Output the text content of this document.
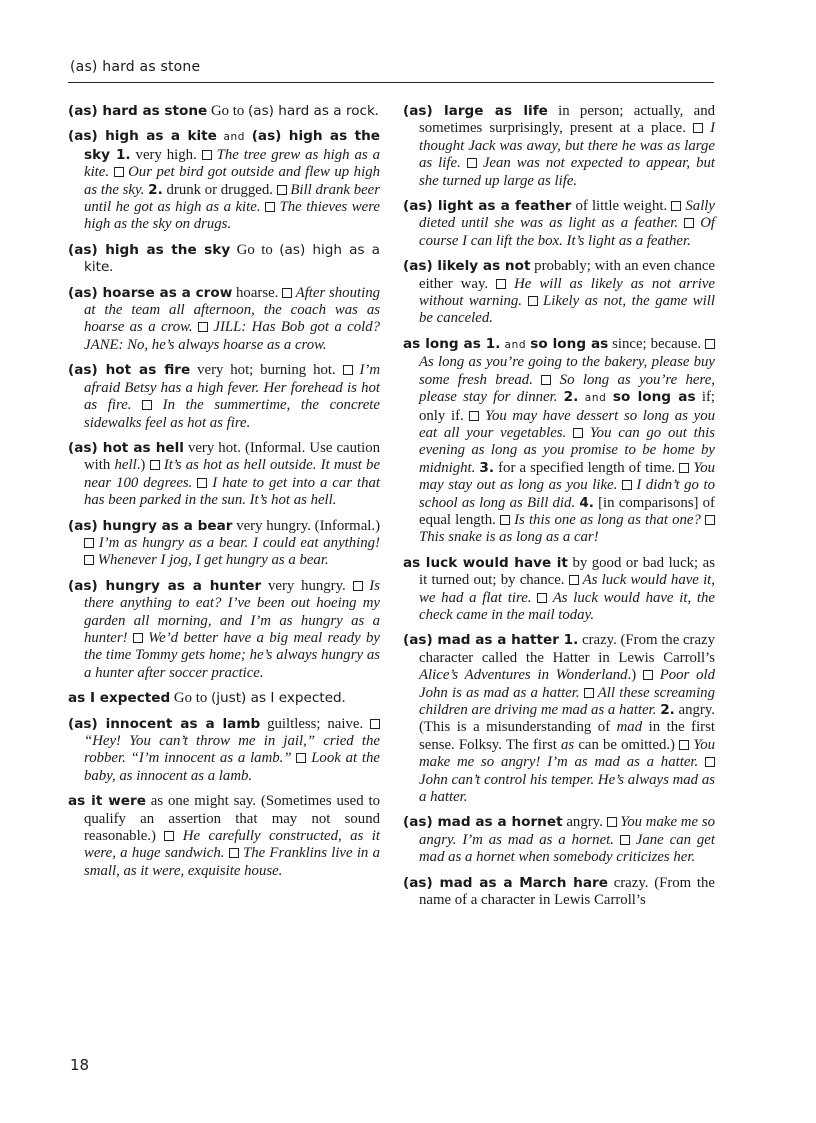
(as) hard as stone

(as) hard as stone Go to (as) hard as a rock.

(as) high as a kite and (as) high as the sky 1. very high.  The tree grew as high as a kite.  Our pet bird got outside and flew up high as the sky. 2. drunk or drugged.  Bill drank beer until he got as high as a kite.  The thieves were high as the sky on drugs.

(as) high as the sky Go to (as) high as a kite.

(as) hoarse as a crow hoarse.  After shouting at the team all afternoon, the coach was as hoarse as a crow.  JILL: Has Bob got a cold? JANE: No, he’s always hoarse as a crow.

(as) hot as fire very hot; burning hot.  I’m afraid Betsy has a high fever. Her forehead is hot as fire.  In the summertime, the concrete sidewalks feel as hot as fire.

(as) hot as hell very hot. (Informal. Use caution with hell.)  It’s as hot as hell outside. It must be near 100 degrees.  I hate to get into a car that has been parked in the sun. It’s hot as hell.

(as) hungry as a bear very hungry. (Informal.)  I’m as hungry as a bear. I could eat anything!  Whenever I jog, I get hungry as a bear.

(as) hungry as a hunter very hungry.  Is there anything to eat? I’ve been out hoeing my garden all morning, and I’m as hungry as a hunter!  We’d better have a big meal ready by the time Tommy gets home; he’s always hungry as a hunter after soccer practice.

as I expected Go to (just) as I expected.

(as) innocent as a lamb guiltless; naive.  “Hey! You can’t throw me in jail,” cried the robber. “I’m innocent as a lamb.”  Look at the baby, as innocent as a lamb.

as it were as one might say. (Sometimes used to qualify an assertion that may not sound reasonable.)  He carefully constructed, as it were, a huge sandwich.  The Franklins live in a small, as it were, exquisite house.

(as) large as life in person; actually, and sometimes surprisingly, present at a place.  I thought Jack was away, but there he was as large as life.  Jean was not expected to appear, but she turned up large as life.

(as) light as a feather of little weight.  Sally dieted until she was as light as a feather.  Of course I can lift the box. It’s light as a feather.

(as) likely as not probably; with an even chance either way.  He will as likely as not arrive without warning.  Likely as not, the game will be canceled.

as long as 1. and so long as since; because.  As long as you’re going to the bakery, please buy some fresh bread.  So long as you’re here, please stay for dinner. 2. and so long as if; only if.  You may have dessert so long as you eat all your vegetables.  You can go out this evening as long as you promise to be home by midnight. 3. for a specified length of time.  You may stay out as long as you like.  I didn’t go to school as long as Bill did. 4. [in comparisons] of equal length.  Is this one as long as that one?  This snake is as long as a car!

as luck would have it by good or bad luck; as it turned out; by chance.  As luck would have it, we had a flat tire.  As luck would have it, the check came in the mail today.

(as) mad as a hatter 1. crazy. (From the crazy character called the Hatter in Lewis Carroll’s Alice’s Adventures in Wonderland.)  Poor old John is as mad as a hatter.  All these screaming children are driving me mad as a hatter. 2. angry. (This is a misunderstanding of mad in the first sense. Folksy. The first as can be omitted.)  You make me so angry! I’m as mad as a hatter.  John can’t control his temper. He’s always mad as a hatter.

(as) mad as a hornet angry.  You make me so angry. I’m as mad as a hornet.  Jane can get mad as a hornet when somebody criticizes her.

(as) mad as a March hare crazy. (From the name of a character in Lewis Carroll’s

18
